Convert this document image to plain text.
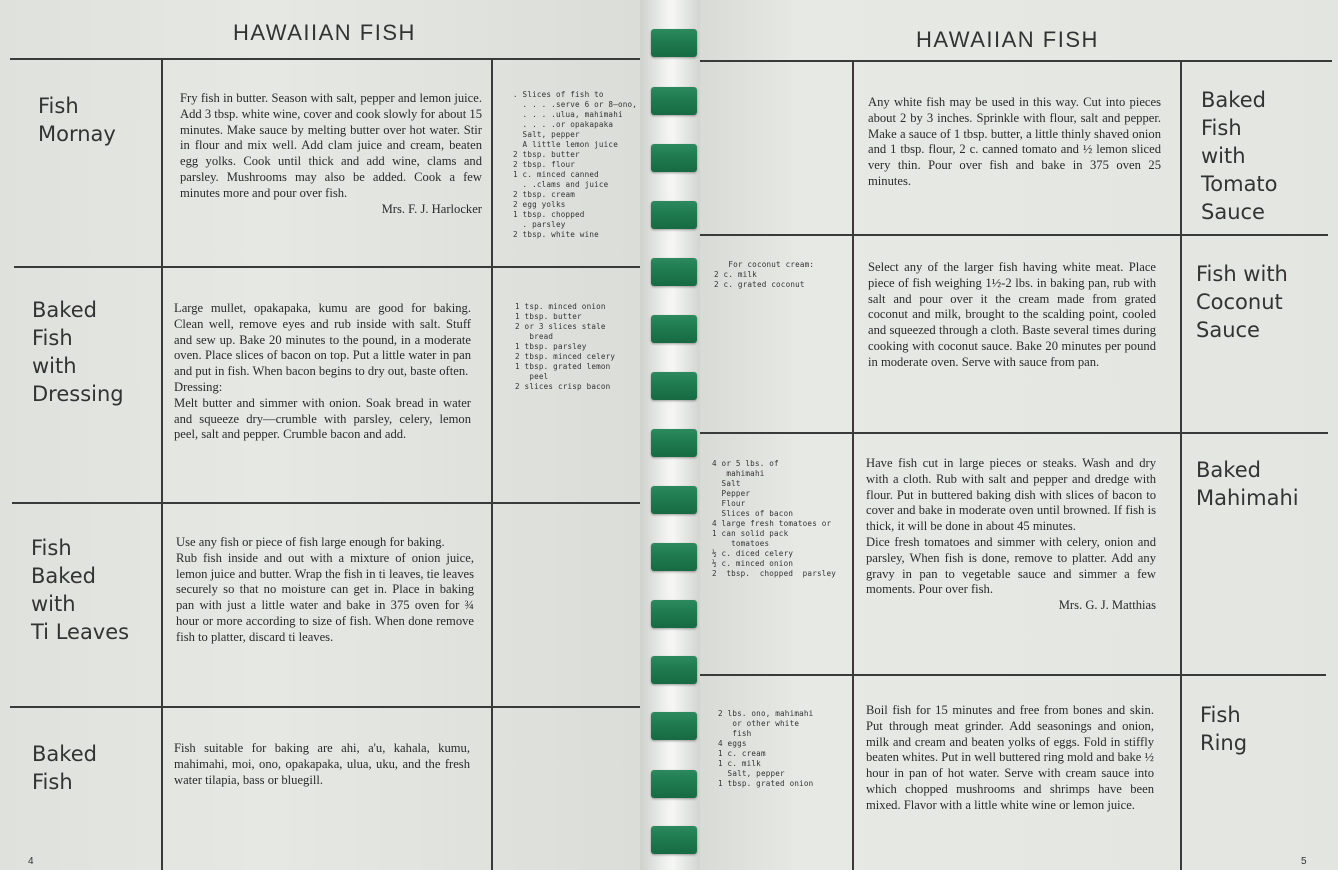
HAWAIIAN FISH
Fish
Mornay
Fry fish in butter. Season with salt, pepper and lemon juice. Add 3 tbsp. white wine, cover and cook slowly for about 15 minutes. Make sauce by melting butter over hot water. Stir in flour and mix well. Add clam juice and cream, beaten egg yolks. Cook until thick and add wine, clams and parsley. Mushrooms may also be added. Cook a few minutes more and pour over fish.
Mrs. F. J. Harlocker
. Slices of fish to
. . . .serve 6 or 8—ono,
. . . .ulua, mahimahi
. . . .or opakapaka
Salt, pepper
A little lemon juice
2 tbsp. butter
2 tbsp. flour
1 c. minced canned
. .clams and juice
2 tbsp. cream
2 egg yolks
1 tbsp. chopped
. parsley
2 tbsp. white wine
Baked
Fish
with
Dressing
Large mullet, opakapaka, kumu are good for baking. Clean well, remove eyes and rub inside with salt. Stuff and sew up. Bake 20 minutes to the pound, in a moderate oven. Place slices of bacon on top. Put a little water in pan and put in fish. When bacon begins to dry out, baste often.
Dressing:
Melt butter and simmer with onion. Soak bread in water and squeeze dry—crumble with parsley, celery, lemon peel, salt and pepper. Crumble bacon and add.
1 tsp. minced onion
1 tbsp. butter
2 or 3 slices stale
bread
1 tbsp. parsley
2 tbsp. minced celery
1 tbsp. grated lemon
peel
2 slices crisp bacon
Fish
Baked
with
Ti Leaves
Use any fish or piece of fish large enough for baking.
Rub fish inside and out with a mixture of onion juice, lemon juice and butter. Wrap the fish in ti leaves, tie leaves securely so that no moisture can get in. Place in baking pan with just a little water and bake in 375 oven for ¾ hour or more according to size of fish. When done remove fish to platter, discard ti leaves.
Baked
Fish
Fish suitable for baking are ahi, a'u, kahala, kumu, mahimahi, moi, ono, opakapaka, ulua, uku, and the fresh water tilapia, bass or bluegill.
4
HAWAIIAN FISH
Any white fish may be used in this way. Cut into pieces about 2 by 3 inches. Sprinkle with flour, salt and pepper. Make a sauce of 1 tbsp. butter, a little thinly shaved onion and 1 tbsp. flour, 2 c. canned tomato and ½ lemon sliced very thin. Pour over fish and bake in 375 oven 25 minutes.
Baked
Fish
with
Tomato
Sauce
For coconut cream:
2 c. milk
2 c. grated coconut
Select any of the larger fish having white meat. Place piece of fish weighing 1½-2 lbs. in baking pan, rub with salt and pour over it the cream made from grated coconut and milk, brought to the scalding point, cooled and squeezed through a cloth. Baste several times during cooking with coconut sauce. Bake 20 minutes per pound in moderate oven. Serve with sauce from pan.
Fish with
Coconut
Sauce
4 or 5 lbs. of
mahimahi
Salt
Pepper
Flour
Slices of bacon
4 large fresh tomatoes or
1 can solid pack
tomatoes
½ c. diced celery
½ c. minced onion
2  tbsp.  chopped  parsley
Have fish cut in large pieces or steaks. Wash and dry with a cloth. Rub with salt and pepper and dredge with flour. Put in buttered baking dish with slices of bacon to cover and bake in moderate oven until browned. If fish is thick, it will be done in about 45 minutes.
Dice fresh tomatoes and simmer with celery, onion and parsley, When fish is done, remove to platter. Add any gravy in pan to vegetable sauce and simmer a few moments. Pour over fish.

Mrs. G. J. Matthias
Baked
Mahimahi
2 lbs. ono, mahimahi
or other white
fish
4 eggs
1 c. cream
1 c. milk
Salt, pepper
1 tbsp. grated onion
Boil fish for 15 minutes and free from bones and skin. Put through meat grinder. Add seasonings and onion, milk and cream and beaten yolks of eggs. Fold in stiffly beaten whites. Put in well buttered ring mold and bake ½ hour in pan of hot water. Serve with cream sauce into which chopped mushrooms and shrimps have been mixed. Flavor with a little white wine or lemon juice.
Fish
Ring
5
